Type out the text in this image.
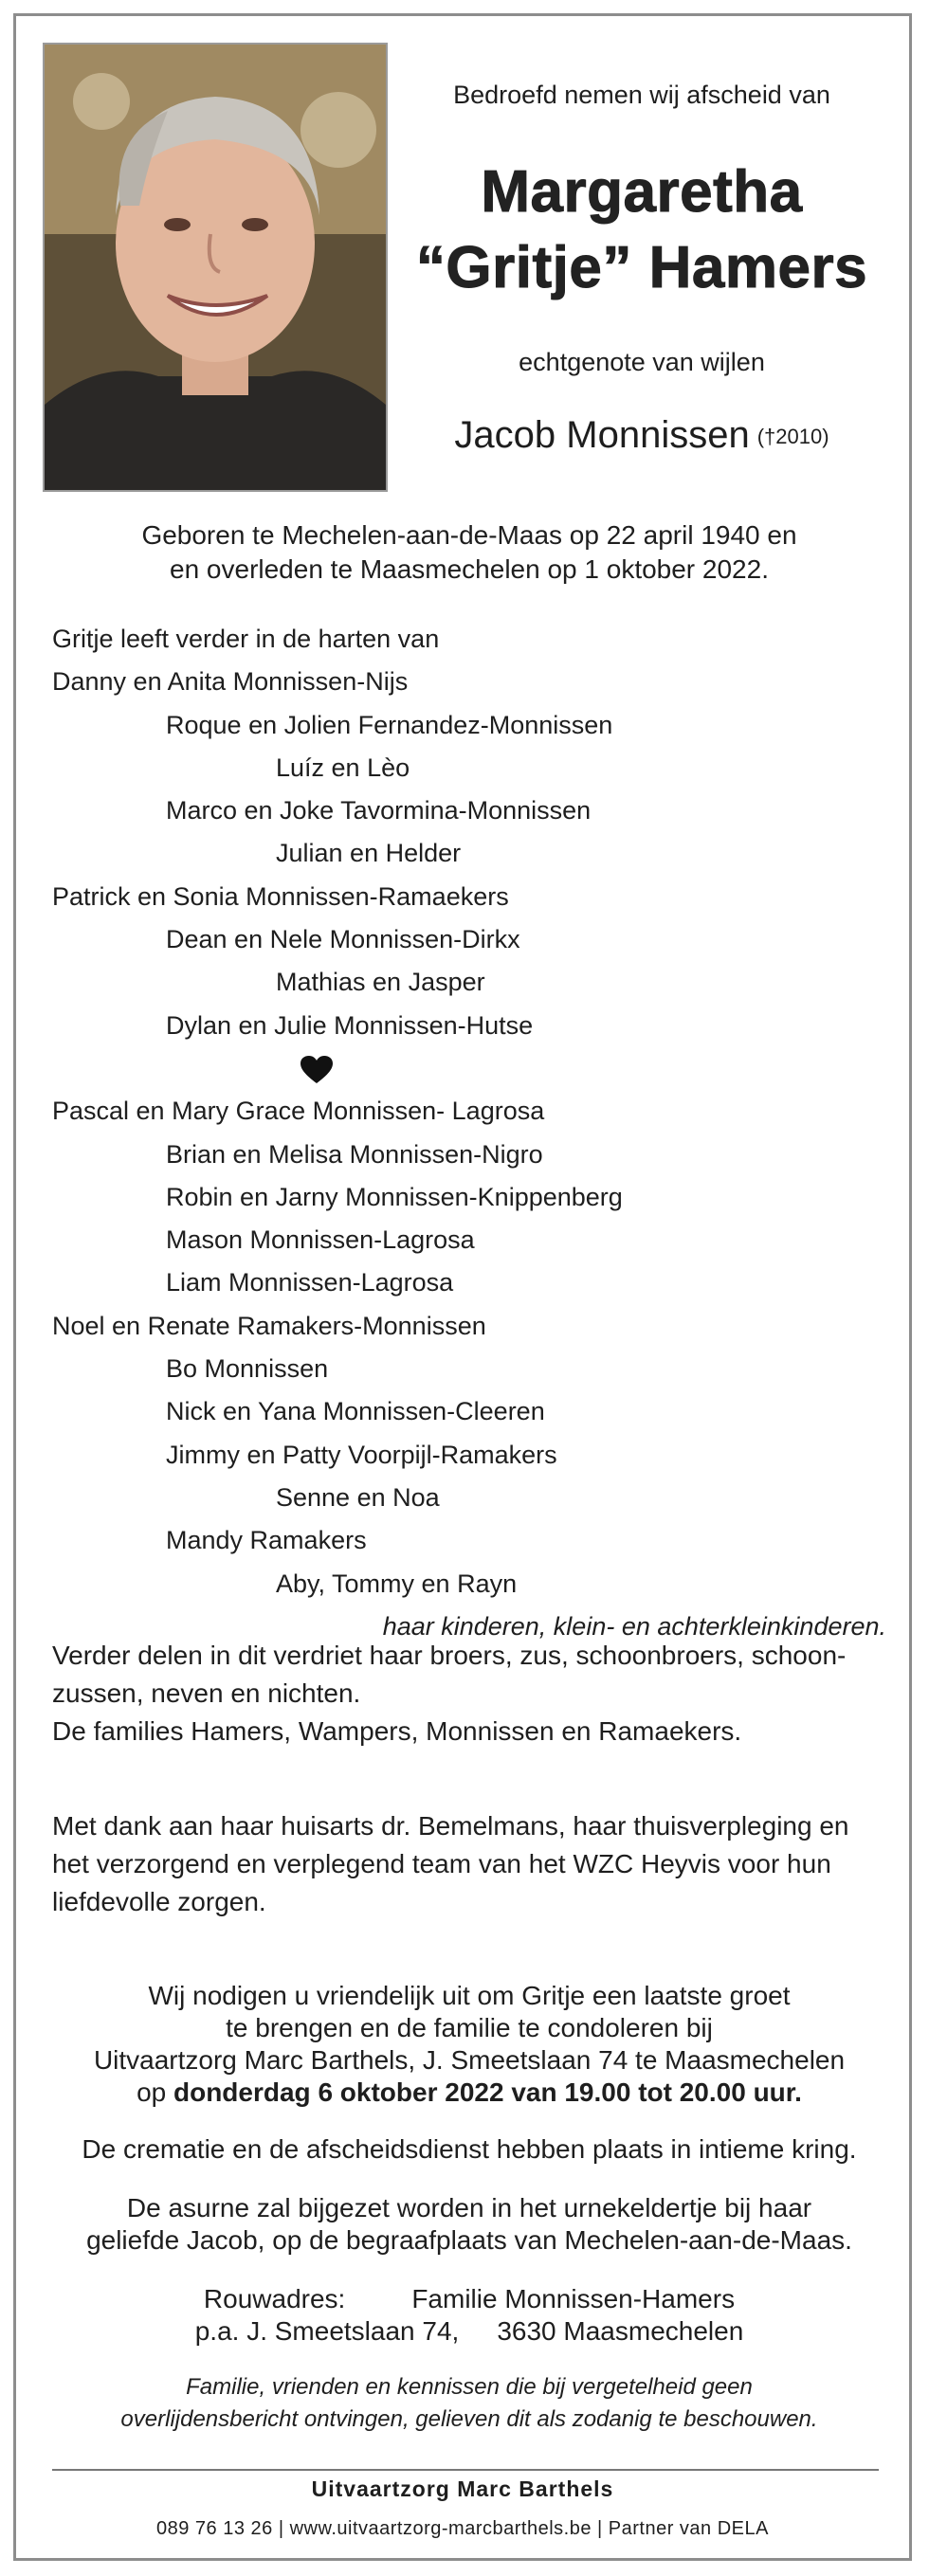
Bedroefd nemen wij afscheid van
Margaretha
“Gritje” Hamers
echtgenote van wijlen
Jacob Monnissen (†2010)
Geboren te Mechelen-aan-de-Maas op 22 april 1940 en
en overleden te Maasmechelen op 1 oktober 2022.
Gritje leeft verder in de harten van
Danny en Anita Monnissen-Nijs
Roque en Jolien Fernandez-Monnissen
Luíz en Lèo
Marco en Joke Tavormina-Monnissen
Julian en Helder
Patrick en Sonia Monnissen-Ramaekers
Dean en Nele Monnissen-Dirkx
Mathias en Jasper
Dylan en Julie Monnissen-Hutse
Pascal en Mary Grace Monnissen- Lagrosa
Brian en Melisa Monnissen-Nigro
Robin en Jarny Monnissen-Knippenberg
Mason Monnissen-Lagrosa
Liam Monnissen-Lagrosa
Noel en Renate Ramakers-Monnissen
Bo Monnissen
Nick en Yana Monnissen-Cleeren
Jimmy en Patty Voorpijl-Ramakers
Senne en Noa
Mandy Ramakers
Aby, Tommy en Rayn
haar kinderen, klein- en achterkleinkinderen.
Verder delen in dit verdriet haar broers, zus, schoonbroers, schoon-
zussen, neven en nichten.
De families Hamers, Wampers, Monnissen en Ramaekers.
Met dank aan haar huisarts dr. Bemelmans, haar thuisverpleging en
het verzorgend en verplegend team van het WZC Heyvis voor hun
liefdevolle zorgen.
Wij nodigen u vriendelijk uit om Gritje een laatste groet
te brengen en de familie te condoleren bij
Uitvaartzorg Marc Barthels, J. Smeetslaan 74 te Maasmechelen
op donderdag 6 oktober 2022 van 19.00 tot 20.00 uur.
De crematie en de afscheidsdienst hebben plaats in intieme kring.
De asurne zal bijgezet worden in het urnekeldertje bij haar
geliefde Jacob, op de begraafplaats van Mechelen-aan-de-Maas.
Rouwadres:	Familie Monnissen-Hamers
p.a. J. Smeetslaan 74, 3630 Maasmechelen
Familie, vrienden en kennissen die bij vergetelheid geen
overlijdensbericht ontvingen, gelieven dit als zodanig te beschouwen.
Uitvaartzorg Marc Barthels
089 76 13 26 | www.uitvaartzorg-marcbarthels.be | Partner van DELA
